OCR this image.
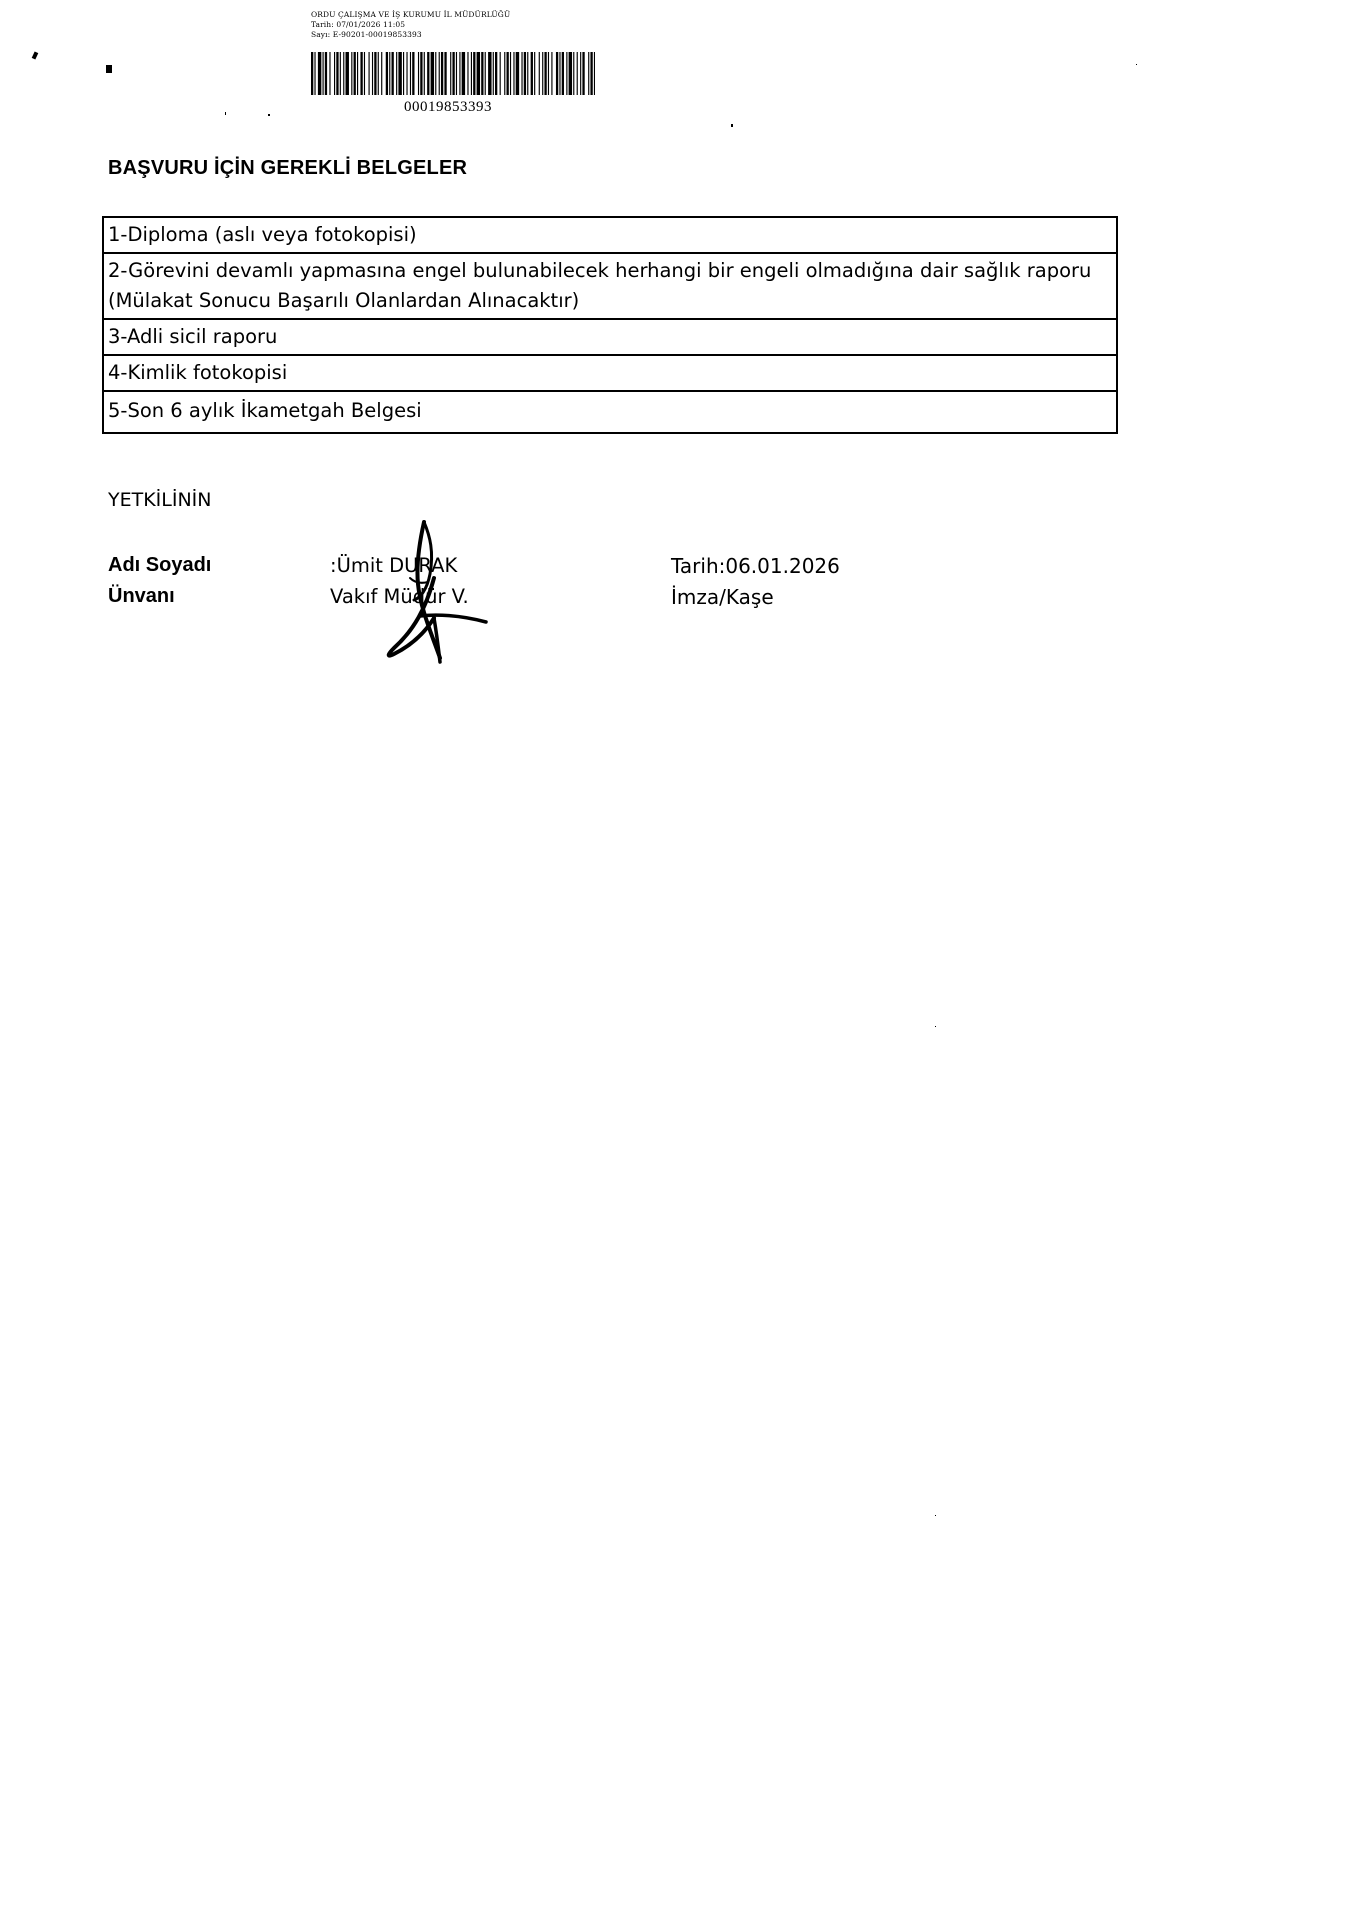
ORDU ÇALIŞMA VE İŞ KURUMU İL MÜDÜRLÜĞÜ
Tarih: 07/01/2026 11:05
Sayı: E-90201-00019853393
00019853393
BAŞVURU İÇİN GEREKLİ BELGELER
1-Diploma (aslı veya fotokopisi)
2-Görevini devamlı yapmasına engel bulunabilecek herhangi bir engeli olmadığına dair sağlık raporu (Mülakat Sonucu Başarılı Olanlardan Alınacaktır)
3-Adli sicil raporu
4-Kimlik fotokopisi
5-Son 6 aylık İkametgah Belgesi
YETKİLİNİN
Adı Soyadı	:Ümit DURAK	Tarih:06.01.2026
Ünvanı	Vakıf Müdür V.	İmza/Kaşe
